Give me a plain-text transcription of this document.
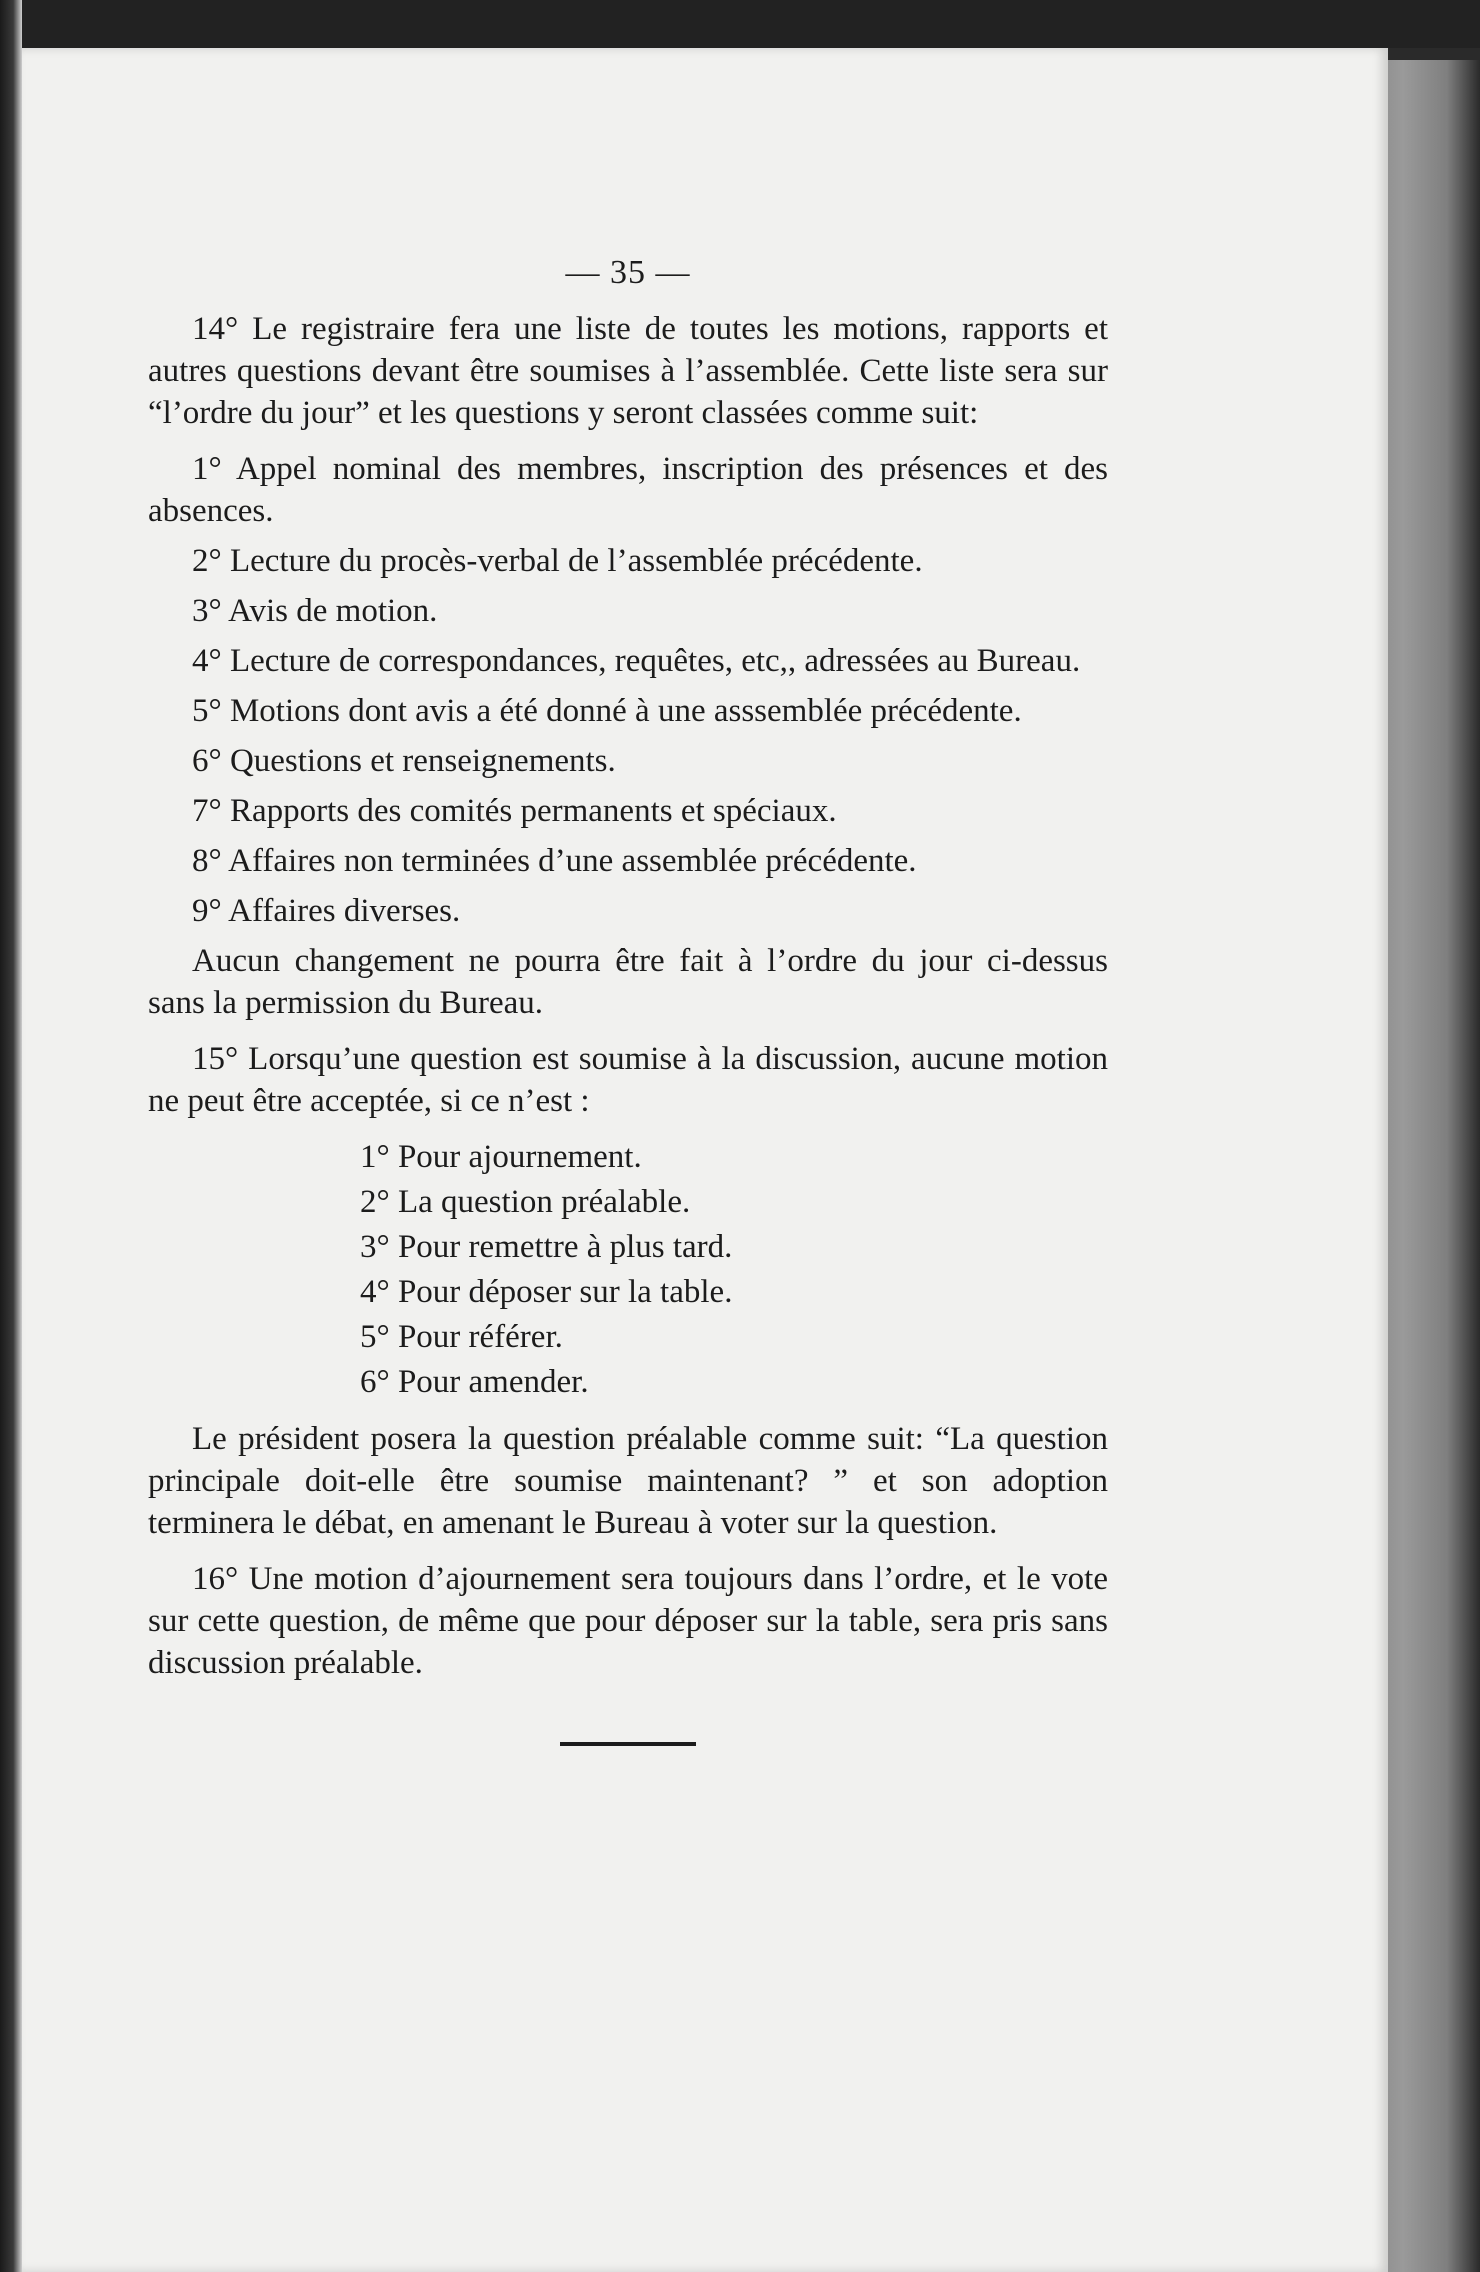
— 35 —

14° Le registraire fera une liste de toutes les motions, rapports et autres questions devant être soumises à l’assemblée. Cette liste sera sur “l’ordre du jour” et les questions y seront classées comme suit:

1° Appel nominal des membres, inscription des présences et des absences.

2° Lecture du procès-verbal de l’assemblée précédente.

3° Avis de motion.

4° Lecture de correspondances, requêtes, etc,, adressées au Bureau.

5° Motions dont avis a été donné à une asssemblée précédente.

6° Questions et renseignements.

7° Rapports des comités permanents et spéciaux.

8° Affaires non terminées d’une assemblée précédente.

9° Affaires diverses.

Aucun changement ne pourra être fait à l’ordre du jour ci-dessus sans la permission du Bureau.

15° Lorsqu’une question est soumise à la discussion, aucune motion ne peut être acceptée, si ce n’est :

1° Pour ajournement.
2° La question préalable.
3° Pour remettre à plus tard.
4° Pour déposer sur la table.
5° Pour référer.
6° Pour amender.

Le président posera la question préalable comme suit: “La question principale doit-elle être soumise maintenant? ” et son adoption terminera le débat, en amenant le Bureau à voter sur la question.

16° Une motion d’ajournement sera toujours dans l’ordre, et le vote sur cette question, de même que pour déposer sur la table, sera pris sans discussion préalable.
